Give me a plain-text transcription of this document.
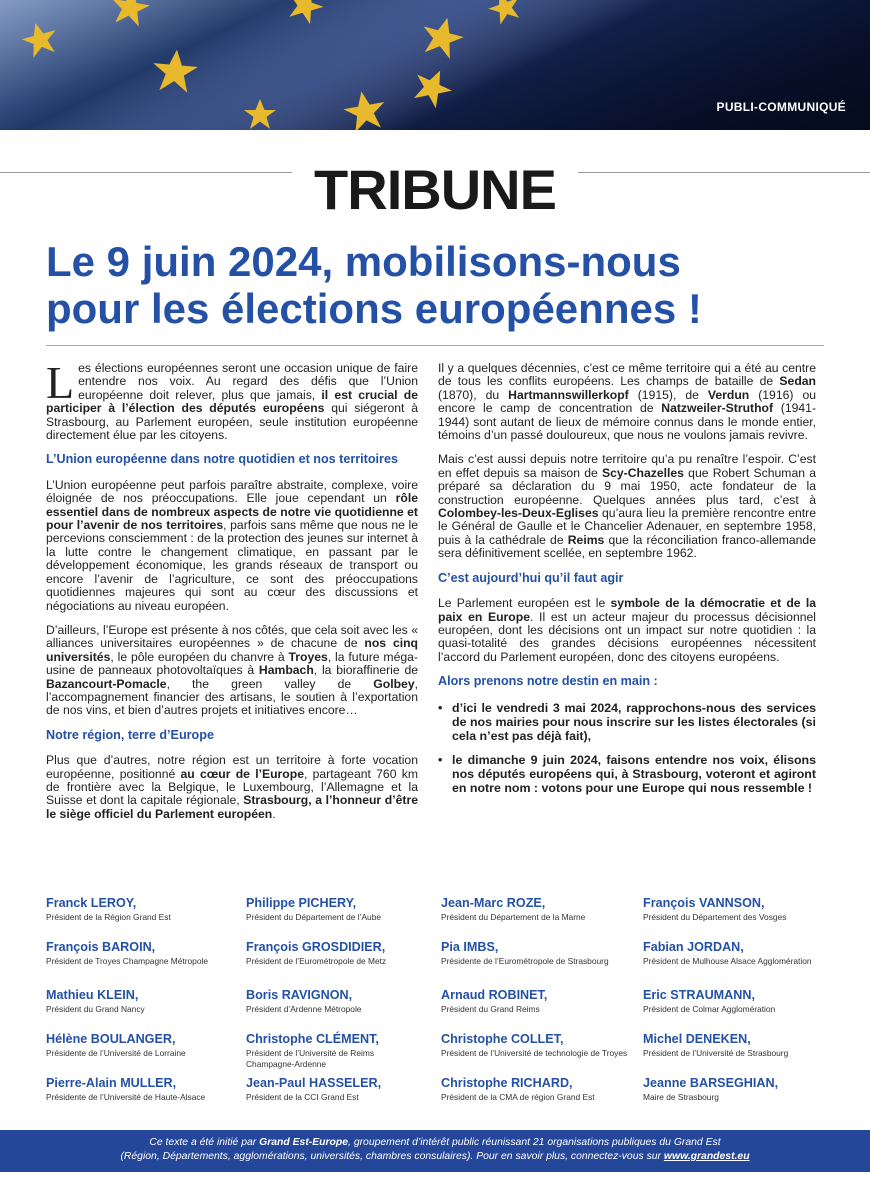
PUBLI-COMMUNIQUÉ
TRIBUNE
Le 9 juin 2024, mobilisons-nous
pour les élections européennes !

Les élections européennes seront une occasion unique de faire entendre nos voix. Au regard des défis que l’Union européenne doit relever, plus que jamais, il est crucial de participer à l’élection des députés européens qui siégeront à Strasbourg, au Parlement européen, seule institution européenne directement élue par les citoyens.

L’Union européenne dans notre quotidien et nos territoires

L’Union européenne peut parfois paraître abstraite, complexe, voire éloignée de nos préoccupations. Elle joue cependant un rôle essentiel dans de nombreux aspects de notre vie quotidienne et pour l’avenir de nos territoires, parfois sans même que nous ne le percevions consciemment : de la protection des jeunes sur internet à la lutte contre le changement climatique, en passant par le développement économique, les grands réseaux de transport ou encore l’avenir de l’agriculture, ce sont des préoccupations quotidiennes majeures qui sont au cœur des discussions et négociations au niveau européen.

D’ailleurs, l’Europe est présente à nos côtés, que cela soit avec les « alliances universitaires européennes » de chacune de nos cinq universités, le pôle européen du chanvre à Troyes, la future méga-usine de panneaux photovoltaïques à Hambach, la bioraffinerie de Bazancourt-Pomacle, the green valley de Golbey, l’accompagnement financier des artisans, le soutien à l’exportation de nos vins, et bien d’autres projets et initiatives encore…

Notre région, terre d’Europe

Plus que d’autres, notre région est un territoire à forte vocation européenne, positionné au cœur de l’Europe, partageant 760 km de frontière avec la Belgique, le Luxembourg, l’Allemagne et la Suisse et dont la capitale régionale, Strasbourg, a l’honneur d’être le siège officiel du Parlement européen.

Il y a quelques décennies, c’est ce même territoire qui a été au centre de tous les conflits européens. Les champs de bataille de Sedan (1870), du Hartmannswillerkopf (1915), de Verdun (1916) ou encore le camp de concentration de Natzweiler-Struthof (1941-1944) sont autant de lieux de mémoire connus dans le monde entier, témoins d’un passé douloureux, que nous ne voulons jamais revivre.

Mais c’est aussi depuis notre territoire qu’a pu renaître l’espoir. C’est en effet depuis sa maison de Scy-Chazelles que Robert Schuman a préparé sa déclaration du 9 mai 1950, acte fondateur de la construction européenne. Quelques années plus tard, c’est à Colombey-les-Deux-Eglises qu’aura lieu la première rencontre entre le Général de Gaulle et le Chancelier Adenauer, en septembre 1958, puis à la cathédrale de Reims que la réconciliation franco-allemande sera définitivement scellée, en septembre 1962.

C’est aujourd’hui qu’il faut agir

Le Parlement européen est le symbole de la démocratie et de la paix en Europe. Il est un acteur majeur du processus décisionnel européen, dont les décisions ont un impact sur notre quotidien : la quasi-totalité des grandes décisions européennes nécessitent l’accord du Parlement européen, donc des citoyens européens.

Alors prenons notre destin en main :
• d’ici le vendredi 3 mai 2024, rapprochons-nous des services de nos mairies pour nous inscrire sur les listes électorales (si cela n’est pas déjà fait),
• le dimanche 9 juin 2024, faisons entendre nos voix, élisons nos députés européens qui, à Strasbourg, voteront et agiront en notre nom : votons pour une Europe qui nous ressemble !
Franck LEROY,
Président de la Région Grand Est
Philippe PICHERY,
Président du Département de l’Aube
Jean-Marc ROZE,
Président du Département de la Marne
François VANNSON,
Président du Département des Vosges
François BAROIN,
Président de Troyes Champagne Métropole
François GROSDIDIER,
Président de l’Eurométropole de Metz
Pia IMBS,
Présidente de l’Eurométropole de Strasbourg
Fabian JORDAN,
Président de Mulhouse Alsace Agglomération
Mathieu KLEIN,
Président du Grand Nancy
Boris RAVIGNON,
Président d’Ardenne Métropole
Arnaud ROBINET,
Président du Grand Reims
Eric STRAUMANN,
Président de Colmar Agglomération
Hélène BOULANGER,
Présidente de l’Université de Lorraine
Christophe CLÉMENT,
Président de l’Université de Reims Champagne-Ardenne
Christophe COLLET,
Président de l’Université de technologie de Troyes
Michel DENEKEN,
Président de l’Université de Strasbourg
Pierre-Alain MULLER,
Présidente de l’Université de Haute-Alsace
Jean-Paul HASSELER,
Président de la CCI Grand Est
Christophe RICHARD,
Président de la CMA de région Grand Est
Jeanne BARSEGHIAN,
Maire de Strasbourg
Ce texte a été initié par Grand Est-Europe, groupement d’intérêt public réunissant 21 organisations publiques du Grand Est
(Région, Départements, agglomérations, universités, chambres consulaires). Pour en savoir plus, connectez-vous sur www.grandest.eu
